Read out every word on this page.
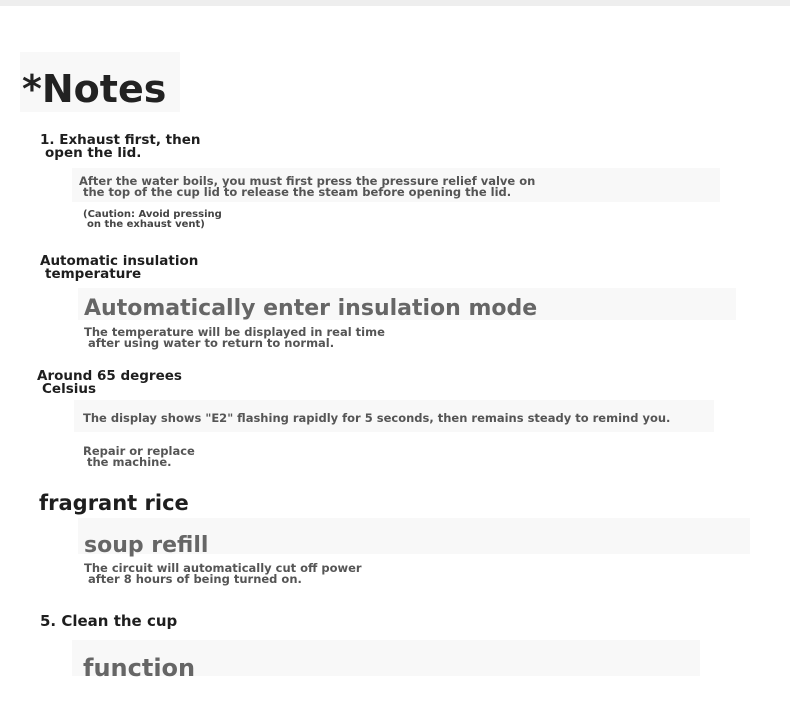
*Notes
1. Exhaust first, then
open the lid.
After the water boils, you must first press the pressure relief valve on
the top of the cup lid to release the steam before opening the lid.
(Caution: Avoid pressing
on the exhaust vent)
Automatic insulation
temperature
Automatically enter insulation mode
The temperature will be displayed in real time
after using water to return to normal.
Around 65 degrees
Celsius
The display shows "E2" flashing rapidly for 5 seconds, then remains steady to remind you.
Repair or replace
the machine.
fragrant rice
soup refill
The circuit will automatically cut off power
after 8 hours of being turned on.
5. Clean the cup
function
